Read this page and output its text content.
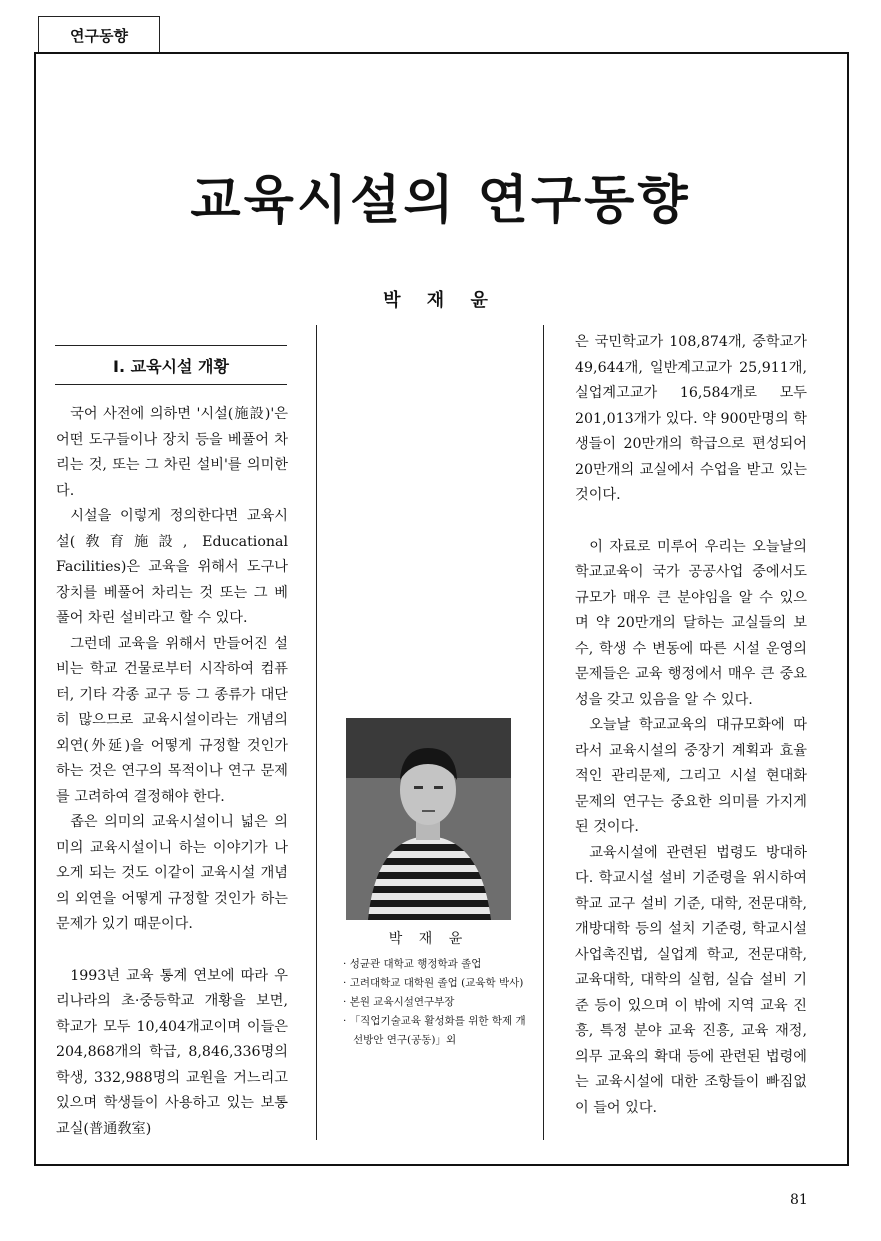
연구동향
교육시설의 연구동향
박 재 윤
I. 교육시설 개황

국어 사전에 의하면 '시설(施設)'은 어떤 도구들이나 장치 등을 베풀어 차리는 것, 또는 그 차린 설비'를 의미한다.

시설을 이렇게 정의한다면 교육시설(敎育施設, Educational Facilities)은 교육을 위해서 도구나 장치를 베풀어 차리는 것 또는 그 베풀어 차린 설비라고 할 수 있다.

그런데 교육을 위해서 만들어진 설비는 학교 건물로부터 시작하여 컴퓨터, 기타 각종 교구 등 그 종류가 대단히 많으므로 교육시설이라는 개념의 외연(外延)을 어떻게 규정할 것인가 하는 것은 연구의 목적이나 연구 문제를 고려하여 결정해야 한다.

좁은 의미의 교육시설이니 넓은 의미의 교육시설이니 하는 이야기가 나오게 되는 것도 이같이 교육시설 개념의 외연을 어떻게 규정할 것인가 하는 문제가 있기 때문이다.

1993년 교육 통계 연보에 따라 우리나라의 초·중등학교 개황을 보면, 학교가 모두 10,404개교이며 이들은 204,868개의 학급, 8,846,336명의 학생, 332,988명의 교원을 거느리고 있으며 학생들이 사용하고 있는 보통교실(普通敎室)

박 재 윤
· 성균관 대학교 행정학과 졸업
· 고려대학교 대학원 졸업 (교육학 박사)
· 본원 교육시설연구부장
· 「직업기술교육 활성화를 위한 학제 개선방안 연구(공동)」외

은 국민학교가 108,874개, 중학교가 49,644개, 일반계고교가 25,911개, 실업계고교가 16,584개로 모두 201,013개가 있다. 약 900만명의 학생들이 20만개의 학급으로 편성되어 20만개의 교실에서 수업을 받고 있는 것이다.

이 자료로 미루어 우리는 오늘날의 학교교육이 국가 공공사업 중에서도 규모가 매우 큰 분야임을 알 수 있으며 약 20만개의 달하는 교실들의 보수, 학생 수 변동에 따른 시설 운영의 문제들은 교육 행정에서 매우 큰 중요성을 갖고 있음을 알 수 있다.

오늘날 학교교육의 대규모화에 따라서 교육시설의 중장기 계획과 효율적인 관리문제, 그리고 시설 현대화 문제의 연구는 중요한 의미를 가지게 된 것이다.

교육시설에 관련된 법령도 방대하다. 학교시설 설비 기준령을 위시하여 학교 교구 설비 기준, 대학, 전문대학, 개방대학 등의 설치 기준령, 학교시설 사업촉진법, 실업계 학교, 전문대학, 교육대학, 대학의 실험, 실습 설비 기준 등이 있으며 이 밖에 지역 교육 진흥, 특정 분야 교육 진흥, 교육 재정, 의무 교육의 확대 등에 관련된 법령에는 교육시설에 대한 조항들이 빠짐없이 들어 있다.

81
